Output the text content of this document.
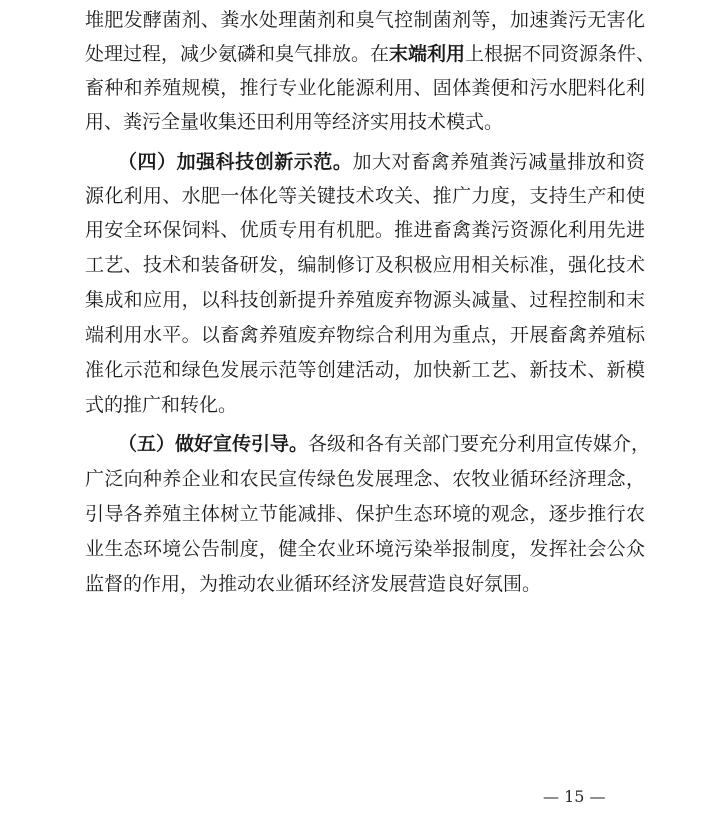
堆肥发酵菌剂、粪水处理菌剂和臭气控制菌剂等，加速粪污无害化
处理过程，减少氨磷和臭气排放。在末端利用上根据不同资源条件、
畜种和养殖规模，推行专业化能源利用、固体粪便和污水肥料化利
用、粪污全量收集还田利用等经济实用技术模式。
（四）加强科技创新示范。加大对畜禽养殖粪污减量排放和资
源化利用、水肥一体化等关键技术攻关、推广力度，支持生产和使
用安全环保饲料、优质专用有机肥。推进畜禽粪污资源化利用先进
工艺、技术和装备研发，编制修订及积极应用相关标准，强化技术
集成和应用，以科技创新提升养殖废弃物源头减量、过程控制和末
端利用水平。以畜禽养殖废弃物综合利用为重点，开展畜禽养殖标
准化示范和绿色发展示范等创建活动，加快新工艺、新技术、新模
式的推广和转化。
（五）做好宣传引导。各级和各有关部门要充分利用宣传媒介，
广泛向种养企业和农民宣传绿色发展理念、农牧业循环经济理念，
引导各养殖主体树立节能减排、保护生态环境的观念，逐步推行农
业生态环境公告制度，健全农业环境污染举报制度，发挥社会公众
监督的作用，为推动农业循环经济发展营造良好氛围。
— 15 —
